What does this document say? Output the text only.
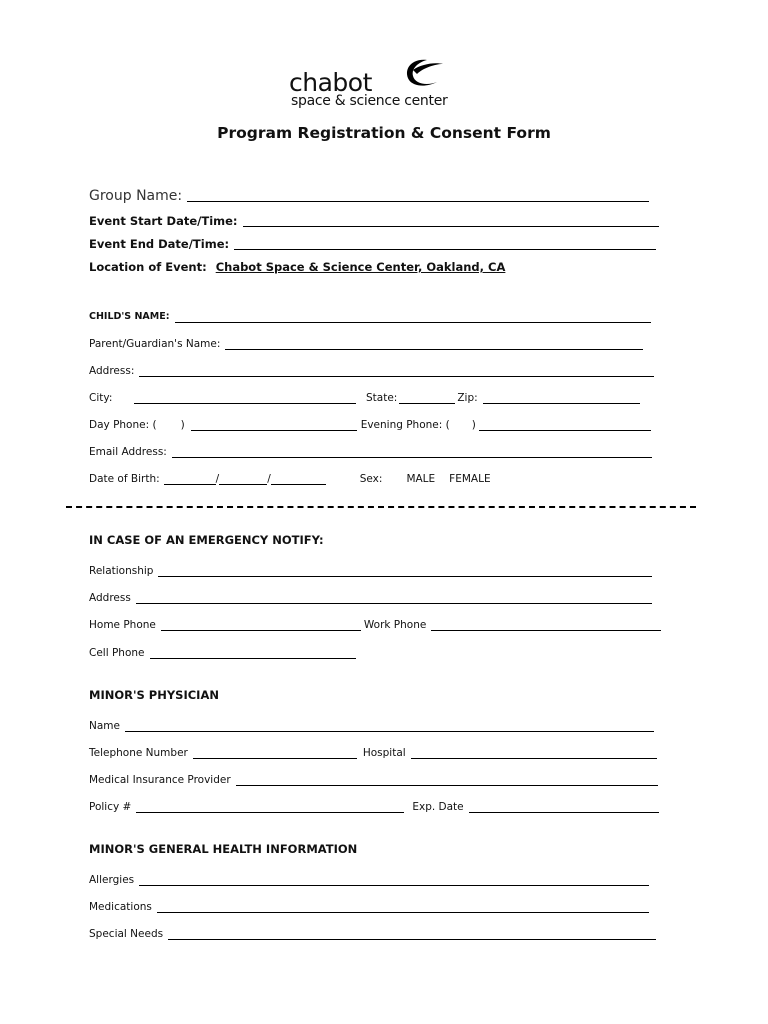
chabot
space & science center
Program Registration & Consent Form
Group Name:
Event Start Date/Time:
Event End Date/Time:
Location of Event: Chabot Space & Science Center, Oakland, CA
CHILD'S NAME:
Parent/Guardian's Name:
Address:
City:	State:	Zip:
Day Phone: ( )	Evening Phone: ( )
Email Address:
Date of Birth:	/	/	Sex:	MALE	FEMALE
IN CASE OF AN EMERGENCY NOTIFY:
Relationship
Address
Home Phone	Work Phone
Cell Phone
MINOR'S PHYSICIAN
Name
Telephone Number	Hospital
Medical Insurance Provider
Policy #	Exp. Date
MINOR'S GENERAL HEALTH INFORMATION
Allergies
Medications
Special Needs
